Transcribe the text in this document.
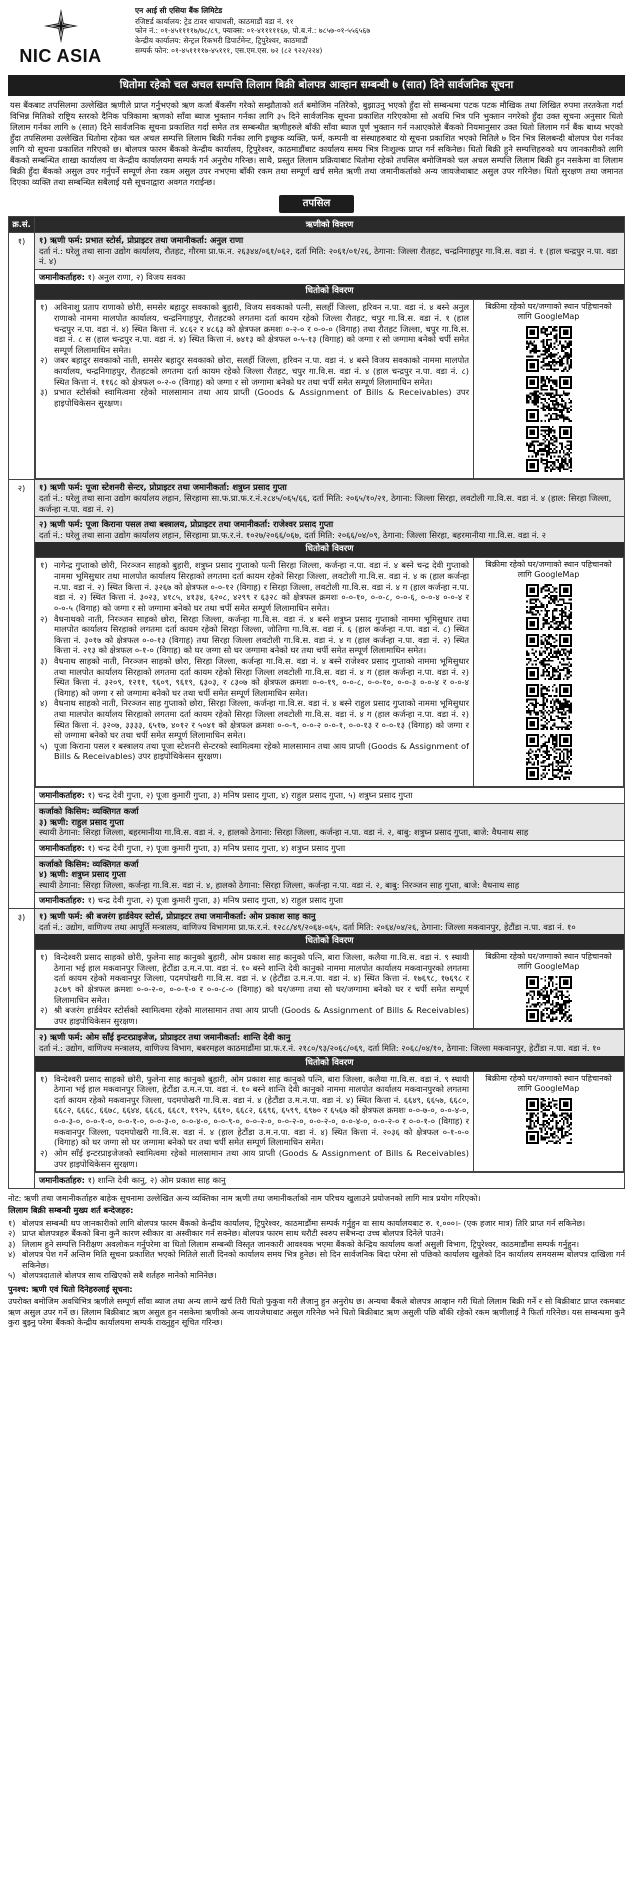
NIC ASIA
एन आई सी एसिया बैंक लिमिटेड
रजिष्टर्ड कार्यालय: ट्रेड टावर थापाथली, काठमाडौं वडा नं. ११
फोन नं.: ०१-४५११११७/७८/८९, फ्याक्स: ०१-४१११११६७, पो.ब.नं.: ७८५७-०१-५५६५६७
केन्द्रीय कार्यालय: सेन्ट्रल रिकभरी डिपार्टमेन्ट, ट्रिपुरेश्वर, काठमाडौं
सम्पर्क फोन: ०१-४५११११७-४५१११, एस.एम.एस. ७२ (८२ ९२२/२२४)
धितोमा रहेको चल अचल सम्पत्ति लिलाम बिक्री बोलपत्र आव्हान सम्बन्धी ७ (सात) दिने सार्वजनिक सूचना

यस बैंकबाट तपसिलमा उल्लेखित ऋणीले प्राप्त गर्नुभएको ऋण कर्जा बैंकसँग गरेको सम्झौताको शर्त बमोजिम नतिरेको, बुझाउनु भएको हुँदा सो सम्बन्धमा पटक पटक मौखिक तथा लिखित रुपमा तरतकेता गर्दा विभिन्न मितिको राष्ट्रिय स्तरको दैनिक पत्रिकामा ऋणको साँवा ब्याज भुक्तान गर्नका लागि ३५ दिने सार्वजनिक सूचना प्रकाशित गरिएकोमा सो अवधि भित्र पनि भुक्तान नगरेको हुँदा उक्त सूचना अनुसार धितो लिलाम गर्नका लागि ७ (सात) दिने सार्वजनिक सूचना प्रकाशित गर्दा समेत तत्र सम्बन्धीत ऋणीहरुले बाँकी साँवा ब्याज पूर्ण भुक्तान गर्न नआएकोले बैंकको नियमानुसार उक्त धितो लिलाम गर्न बैंक बाध्य भएको हुँदा तपसिलमा उल्लेखित धितोमा रहेका चल अचल सम्पत्ति लिलाम बिक्री गर्नका लागि इच्छुक व्यक्ति, फर्म, कम्पनी वा संस्थाहरुबाट यो सूचना प्रकाशित भएको मितिले ७ दिन भित्र सिलबन्दी बोलपत्र पेश गर्नका लागि यो सूचना प्रकाशित गरिएको छ। बोलपत्र फारम बैंकको केन्द्रीय कार्यालय, ट्रिपुरेश्वर, काठमाडौंबाट कार्यालय समय भित्र निःशुल्क प्राप्त गर्न सकिनेछ। धितो बिक्री हुने सम्पत्तिहरुको थप जानकारीको लागि बैंकको सम्बन्धित शाखा कार्यालय वा केन्द्रीय कार्यालयमा सम्पर्क गर्न अनुरोध गरिन्छ। साथै, प्रस्तुत लिलाम प्रक्रियाबाट धितोमा रहेको तपसिल बमोजिमको चल अचल सम्पत्ति लिलाम बिक्री हुन नसकेमा वा लिलाम बिक्री हुँदा बैंकको असुल उपर गर्नुपर्ने सम्पूर्ण लेना रकम असुल उपर नभएमा बाँकी रकम तथा सम्पूर्ण खर्च समेत ऋणी तथा जमानीकर्ताको अन्य जायजेथाबाट असुल उपर गरिनेछ। धितो सुरक्षण तथा जमानत दिएका व्यक्ति तथा सम्बन्धित सबैलाई यसै सूचनाद्वारा अवगत गराईन्छ।

तपसिल
क्र.सं.	ऋणीको विवरण
१)	१) ऋणी फर्म: प्रभात स्टोर्स, प्रोप्राइटर तथा जमानीकर्ता: अनुल राणा
दर्ता नं.: घरेलु तथा साना उद्योग कार्यालय, रौतहट, गौरमा प्रा.फ.न. २६३४४/०६१/०६२, दर्ता मिति: २०६१/०१/२६, ठेगाना: जिल्ला रौतहट, चन्द्रनिगाहपुर गा.वि.स. वडा नं. १ (हाल चन्द्रपुर न.पा. वडा नं. ४)
जमानीकर्ताहरु: १) अनुल राणा, २) विजय सवका
धितोको विवरण
१) अविनाशु प्रताप राणाको छोरी, समसेर बहादुर सवकाको बुहारी, विजय सवकाको पत्नी, सलर्ही जिल्ला, हरिवन न.पा. वडा नं. ४ बस्ने अनुल राणाको नाममा मालपोत कार्यालय, चन्द्रनिगाहपुर, रौतहटको लगतमा दर्ता कायम रहेको जिल्ला रौतहट, चपुर गा.वि.स. वडा नं. १ (हाल चन्द्रपुर न.पा. वडा नं. ४) स्थित कित्ता नं. ४८६२ र ४८६३ को क्षेत्रफल क्रमशः ०-२-० र ०-०-० (विगाह) तथा रौतहट जिल्ला, चपुर गा.वि.स. वडा नं. ८ स (हाल चन्द्रपुर न.पा. वडा नं. ४) स्थित कित्ता नं. ७४१३ को क्षेत्रफल ०-५-१३ (विगाह) को जग्गा र सो जग्गामा बनेको चर्पी समेत सम्पूर्ण लिलामाधिन समेत।
२) जबर बहादुर सवकाको नाती, समसेर बहादुर सवकाको छोरा, सलर्ही जिल्ला, हरिवन न.पा. वडा नं. ४ बस्ने विजय सवकाको नाममा मालपोत कार्यालय, चन्द्रनिगाहपुर, रौतहटको लगतमा दर्ता कायम रहेको जिल्ला रौतहट, चपुर गा.वि.स. वडा नं. ४ (हाल चन्द्रपुर न.पा. वडा नं. ८) स्थित कित्ता नं. ११६८ को क्षेत्रफल ०-२-० (विगाह) को जग्गा र सो जग्गामा बनेको घर तथा चर्पी समेत सम्पूर्ण लिलामाधिन समेत।
३) प्रभात स्टोर्सको स्वामित्वमा रहेको मालसामान तथा आय प्राप्ती (Goods & Assignment of Bills & Receivables) उपर हाइपोथिकेसन सुरक्षण।

बिक्रीमा रहेको घर/जग्गाको स्थान पहिचानको लागि GoogleMap

२)	१) ऋणी फर्म: पूजा स्टेशनरी सेन्टर, प्रोप्राइटर तथा जमानीकर्ता: शत्रुघ्न प्रसाद गुप्ता
दर्ता नं.: घरेलु तथा साना उद्योग कार्यालय लहान, सिरहामा सा.फ.प्रा.फ.र.नं.२८४५/०६५/६६, दर्ता मिति: २०६५/१०/२१, ठेगाना: जिल्ला सिरहा, लवटोली गा.वि.स. वडा नं. ४ (हाल: सिरहा जिल्ला, कर्जन्हा न.पा. वडा नं. २)
२) ऋणी फर्म: पूजा किराना पसल तथा बस्त्रालय, प्रोप्राइटर तथा जमानीकर्ता: राजेश्वर प्रसाद गुप्ता
दर्ता नं.: घरेलु तथा साना उद्योग कार्यालय लहान, सिरहामा प्रा.फ.र.नं. १०२७/२०६६/०६७, दर्ता मिति: २०६६/०४/०९, ठेगाना: जिल्ला सिरहा, बहरमानीया गा.वि.स. वडा नं. २
धितोको विवरण
१) नागेन्द्र गुप्ताको छोरी, निरञ्जन साहको बुहारी, शत्रुघ्न प्रसाद गुप्ताको पत्नी सिरहा जिल्ला, कर्जन्हा न.पा. वडा नं. ४ बस्ने चन्द्र देवी गुप्ताको नाममा भूमिसुधार तथा मालपोत कार्यालय सिरहाको लगतमा दर्ता कायम रहेको सिरहा जिल्ला, लवटोली गा.वि.स. वडा नं. ४ क (हाल कर्जन्हा न.पा. वडा नं. २) स्थित कित्ता नं. ३२६७ को क्षेत्रफल ०-०-१२ (विगाह) र सिरहा जिल्ला, लवटोली गा.वि.स. वडा नं. ४ ग (हाल कर्जन्हा न.पा. वडा नं. २) स्थित कित्ता नं. ३०२३, ४१८५, ४१३४, ६२०८, ४२९९ र ६३२८ को क्षेत्रफल क्रमशः ०-०-१०, ०-०-८, ०-०-६, ०-०-४ ०-०-४ र ०-०-५ (विगाह) को जग्गा र सो जग्गामा बनेको घर तथा चर्पी समेत सम्पूर्ण लिलामाधिन समेत।
२) वैधनाथको नाती, निरञ्जन साहको छोरा, सिरहा जिल्ला, कर्जन्हा गा.वि.स. वडा नं. ४ बस्ने शत्रुघ्न प्रसाद गुप्ताको नाममा भूमिसुधार तथा मालपोत कार्यालय सिरहाको लगतमा दर्ता कायम रहेको सिरहा जिल्ला, जोतिगा गा.वि.स. वडा नं. ६ (हाल कर्जन्हा न.पा. वडा नं. ८) स्थित कित्ता नं. ३०१७ को क्षेत्रफल ०-०-१३ (विगाह) तथा सिरहा जिल्ला लवटोली गा.वि.स. वडा नं. ४ ग (हाल कर्जन्हा न.पा. वडा नं. २) स्थित कित्ता नं. २१३ को क्षेत्रफल ०-१-० (विगाह) को घर जग्गा सो घर जग्गामा बनेको घर तथा चर्पी समेत सम्पूर्ण लिलामाधिन समेत।
३) वैधनाथ साहको नाती, निरञ्जन साहको छोरा, सिरहा जिल्ला, कर्जन्हा गा.वि.स. वडा नं. ४ बस्ने राजेश्वर प्रसाद गुप्ताको नाममा भूमिसुधार तथा मालपोत कार्यालय सिरहाको लगतमा दर्ता कायम रहेको सिरहा जिल्ला लवटोली गा.वि.स. वडा नं. ४ ग (हाल कर्जन्हा न.पा. वडा नं. २) स्थित कित्ता नं. ३२०९, १२११, ९६०९, ९६१९, ६३०३, र ८३०७ को क्षेत्रफल क्रमशः ०-०-१९, ०-०-८, ०-०-१०, ०-०-३ ०-०-४ र ०-०-४ (विगाह) को जग्गा र सो जग्गामा बनेको घर तथा चर्पी समेत सम्पूर्ण लिलामाधिन समेत।
४) वैधनाथ साहको नाती, निरञ्जन साह गुप्ताको छोरा, सिरहा जिल्ला, कर्जन्हा गा.वि.स. वडा नं. ४ बस्ने राहुल प्रसाद गुप्ताको नाममा भूमिसुधार तथा मालपोत कार्यालय सिरहाको लगतमा दर्ता कायम रहेको सिरहा जिल्ला लवटोली गा.वि.स. वडा नं. ४ ग (हाल कर्जन्हा न.पा. वडा नं. २) स्थित कित्ता नं. ३२०७, ३३३३, ६५१७, ४०१२ र ५०४१ को क्षेत्रफल क्रमशः ०-०-९, ०-०-२ ०-०-१, ०-०-१३ र ०-०-१३ (विगाह) को जग्गा र सो जग्गामा बनेको घर तथा चर्पी समेत सम्पूर्ण लिलामाधिन समेत।
५) पूजा किराना पसल र बस्त्रालय तथा पूजा स्टेशनरी सेन्टरको स्वामित्वमा रहेको मालसामान तथा आय प्राप्ती (Goods & Assignment of Bills & Receivables) उपर हाइपोथिकेसन सुरक्षण।

बिक्रीमा रहेको घर/जग्गाको स्थान पहिचानको लागि GoogleMap
जमानीकर्ताहरु: १) चन्द्र देवी गुप्ता, २) पूजा कुमारी गुप्ता, ३) मनिष प्रसाद गुप्ता, ४) राहुल प्रसाद गुप्ता, ५) शत्रुघ्न प्रसाद गुप्ता
कर्जाको किसिम: व्यक्तिगत कर्जा
३) ऋणी: राहुल प्रसाद गुप्ता
स्थायी ठेगाना: सिरहा जिल्ला, बहरमानीया गा.वि.स. वडा नं. २, हालको ठेगाना: सिरहा जिल्ला, कर्जन्हा न.पा. वडा नं. २, बाबु: शत्रुघ्न प्रसाद गुप्ता, बाजे: वैधनाथ साह
जमानीकर्ताहरु: १) चन्द्र देवी गुप्ता, २) पूजा कुमारी गुप्ता, ३) मनिष प्रसाद गुप्ता, ४) शत्रुघ्न प्रसाद गुप्ता
कर्जाको किसिम: व्यक्तिगत कर्जा
४) ऋणी: शत्रुघ्न प्रसाद गुप्ता
स्थायी ठेगाना: सिरहा जिल्ला, कर्जन्हा गा.वि.स. वडा नं. ४, हालको ठेगाना: सिरहा जिल्ला, कर्जन्हा न.पा. वडा नं. २, बाबु: निरञ्जन साह गुप्ता, बाजे: वैधनाथ साह
जमानीकर्ताहरु: १) चन्द्र देवी गुप्ता, २) पूजा कुमारी गुप्ता, ३) मनिष प्रसाद गुप्ता, ४) राहुल प्रसाद गुप्ता

३)	१) ऋणी फर्म: श्री बजरंग हार्डवेयर स्टोर्स, प्रोप्राइटर तथा जमानीकर्ता: ओम प्रकाश साह कानु
दर्ता नं.: उद्योग, वाणिज्य तथा आपूर्ति मन्त्रालय, वाणिज्य विभागमा प्रा.फ.र.नं. १२८८/४९/२०६४-०६५, दर्ता मिति: २०६४/०४/२६, ठेगाना: जिल्ला मकवानपुर, हेटौंडा न.पा. वडा नं. १०
धितोको विवरण
१) विन्देश्वरी प्रसाद साहको छोरी, फुलेना साह कानुको बुहारी, ओम प्रकाश साह कानुको पत्नि, बारा जिल्ला, कलैया गा.वि.स. वडा नं. ९ स्थायी ठेगाना भई हाल मकवानपुर जिल्ला, हेटौंडा उ.म.न.पा. वडा नं. १० बस्ने शान्ति देवी कानुको नाममा मालपोत कार्यालय मकवानपुरको लगतमा दर्ता कायम रहेको मकवानपुर जिल्ला, पदमपोखरी गा.वि.स. वडा नं. ४ (हेटौंडा उ.म.न.पा. वडा नं. ४) स्थित कित्ता नं. १७६९८, १७६९८ र ३८७९ को क्षेत्रफल क्रमशः ०-०-२-०, ०-०-१-० र ०-०-८-० (विगाह) को घर/जग्गा तथा सो घर/जग्गामा बनेको घर र चर्पी समेत सम्पूर्ण लिलामाधिन समेत।
२) श्री बजरंग हार्डवेयर स्टोर्सको स्वामित्वमा रहेको मालसामान तथा आय प्राप्ती (Goods & Assignment of Bills & Receivables) उपर हाइपोथिकेसन सुरक्षण।

बिक्रीमा रहेको घर/जग्गाको स्थान पहिचानको लागि GoogleMap
२) ऋणी फर्म: ओम साँई इन्टरप्राइजेज, प्रोप्राइटर तथा जमानीकर्ता: शान्ति देवी कानु
दर्ता नं.: उद्योग, वाणिज्य मन्त्रालय, वाणिज्य विभाग, बबरमहल काठमाडौंमा प्रा.फ.र.नं. २१८०/९३/२०६८/०६९, दर्ता मिति: २०६८/०४/१०, ठेगाना: जिल्ला मकवानपुर, हेटौंडा न.पा. वडा नं. १०
धितोको विवरण
१) विन्देश्वरी प्रसाद साहको छोरी, फुलेना साह कानुको बुहारी, ओम प्रकाश साह कानुको पत्नि, बारा जिल्ला, कलैया गा.वि.स. वडा नं. ९ स्थायी ठेगाना भई हाल मकवानपुर जिल्ला, हेटौंडा उ.म.न.पा. वडा नं. १० बस्ने शान्ति देवी कानुको नाममा मालपोत कार्यालय मकवानपुरको लगतमा दर्ता कायम रहेको मकवानपुर जिल्ला, पदमपोखरी गा.वि.स. वडा नं. ४ (हेटौंडा उ.म.न.पा. वडा नं. ४) स्थित कित्ता नं. ६६४९, ६६५७, ६६८०, ६६८२, ६६६८, ६६७८, ६६४४, ६६८६, ६६८१, १९२५, ६६१०, ६६८२, ६६९६, ६५९९, ६९७० र ६५६७ को क्षेत्रफल क्रमशः ०-०-७-०, ०-०-४-०, ०-०-३-०, ०-०-१-०, ०-०-१-०, ०-०-३-०, ०-०-४-०, ०-०-९-०, ०-०-२-०, ०-०-२-०, ०-०-२-०, ०-०-४-०, ०-०-२-० र ०-०-१-० (विगाह) र मकवानपुर जिल्ला, पदमपोखरी गा.वि.स. वडा नं. ४ (हाल हेटौंडा उ.म.न.पा. वडा नं. ४) स्थित कित्ता नं. २०३६ को क्षेत्रफल ०-१-०-० (विगाह) को घर जग्गा सो घर जग्गामा बनेको घर तथा चर्पी समेत सम्पूर्ण लिलामाधिन समेत।
२) ओम साँई इन्टरप्राइजेजको स्वामित्वमा रहेको मालसामान तथा आय प्राप्ती (Goods & Assignment of Bills & Receivables) उपर हाइपोथिकेसन सुरक्षण।

बिक्रीमा रहेको घर/जग्गाको स्थान पहिचानको लागि GoogleMap
जमानीकर्ताहरु: १) शान्ति देवी कानु, २) ओम प्रकाश साह कानु

नोट: ऋणी तथा जमानीकर्ताहरु बाहेक सूचनामा उल्लेखित अन्य व्यक्तिका नाम ऋणी तथा जमानीकर्ताको नाम परिचय खुलाउने प्रयोजनको लागि मात्र प्रयोग गरिएको।

लिलाम बिक्री सम्बन्धी मुख्य शर्त बन्देजहरु:

१) बोलपत्र सम्बन्धी थप जानकारीको लागि बोलपत्र फारम बैंकको केन्द्रीय कार्यालय, ट्रिपुरेश्वर, काठमाडौंमा सम्पर्क गर्नुहुन वा साथ कार्यालयबाट रु. १,०००।- (एक हजार मात्र) तिरि प्राप्त गर्न सकिनेछ।
२) प्राप्त बोलपत्रहरु बैंकको बिना कुनै कारण स्वीकार वा अस्वीकार गर्न सक्नेछ। बोलपत्र फारम साथ धरौटी स्वरुप सबैभन्दा उच्च बोलपत्र दिनेले पाउने।
३) लिलाम हुने सम्पत्ति निरीक्षण अवलोकन गर्नुपरेमा वा धितो लिलाम सम्बन्धी विस्तृत जानकारी आवश्यक भएमा बैंकको केन्द्रिय कार्यालय कर्जा असुली विभाग, ट्रिपुरेश्वर, काठमाडौंमा सम्पर्क गर्नुहुन।
४) बोलपत्र पेश गर्ने अन्तिम मिति सूचना प्रकाशित भएको मितिले सातौं दिनको कार्यालय समय भित्र हुनेछ। सो दिन सार्वजनिक बिदा परेमा सो पछिको कार्यालय खुलेको दिन कार्यालय समयसम्म बोलपत्र दाखिला गर्न सकिनेछ।
५) बोलपत्रदाताले बोलपत्र साथ राखिएको सबै शर्तहरु मानेको मानिनेछ।

पुनश्च: ऋणी एवं धितो दिनेहरुलाई सूचना:

उपरोक्त बमोजिम अवधिभित्र ऋणीले सम्पूर्ण साँवा ब्याज तथा अन्य लाग्ने खर्च तिरी धितो फुकुवा गरी लैजानु हुन अनुरोध छ। अन्यथा बैंकले बोलपत्र आव्हान गरी धितो लिलाम बिक्री गर्ने र सो बिक्रीबाट प्राप्त रकमबाट ऋण असुल उपर गर्ने छ। लिलाम बिक्रीबाट ऋण असुल हुन नसकेमा ऋणीको अन्य जायजेथाबाट असुल गरिनेछ भने धितो बिक्रीबाट ऋण असुली पछि बाँकी रहेको रकम ऋणीलाई नै फिर्ता गरिनेछ। यस सम्बन्धमा कुनै कुरा बुझ्नु परेमा बैंकको केन्द्रीय कार्यालयमा सम्पर्क राख्नुहुन सूचित गरिन्छ।
